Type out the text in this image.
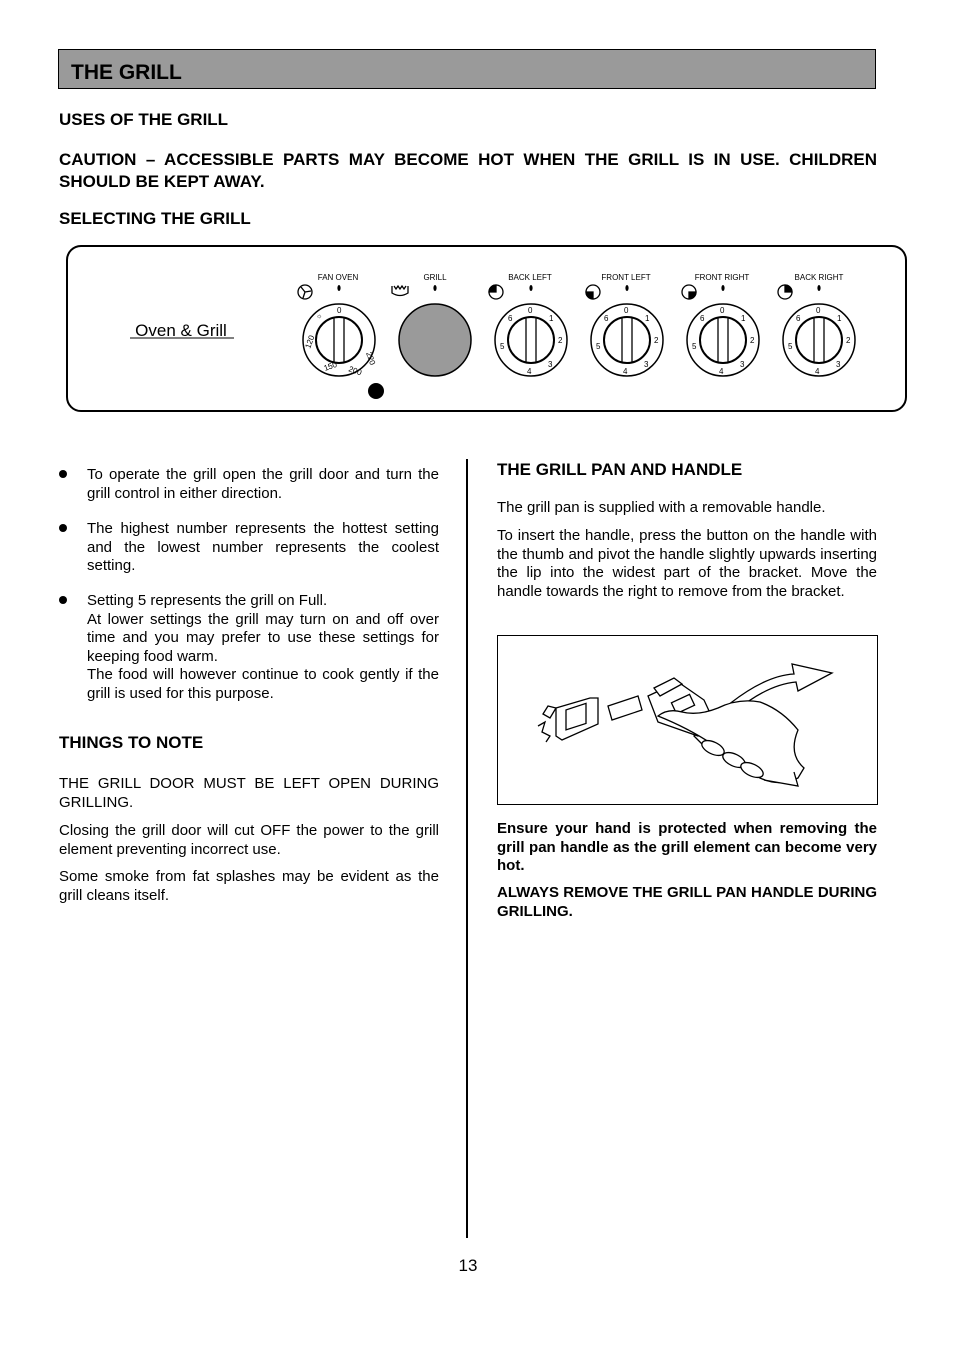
THE GRILL
USES OF THE GRILL
CAUTION – ACCESSIBLE PARTS MAY BECOME HOT WHEN THE GRILL IS IN USE. CHILDREN SHOULD BE KEPT AWAY.
SELECTING THE GRILL
Oven & Grill
FAN OVEN	GRILL	BACK LEFT	FRONT LEFT	FRONT RIGHT	BACK RIGHT
0
120
150 200
220
☼
0
1
2
3
4
5
6
0
1
2
3
4
5
6
0
1
2
3
4
5
6
0
1
2
3
4
5
6
To operate the grill open the grill door and turn the grill control in either direction.
The highest number represents the hottest setting and the lowest number represents the coolest setting.
Setting 5 represents the grill on Full.
At lower settings the grill may turn on and off over time and you may prefer to use these settings for keeping food warm.
The food will however continue to cook gently if the grill is used for this purpose.
THINGS TO NOTE
THE GRILL DOOR MUST BE LEFT OPEN DURING GRILLING.
Closing the grill door will cut OFF the power to the grill element preventing incorrect use.
Some smoke from fat splashes may be evident as the grill cleans itself.
THE GRILL PAN AND HANDLE
The grill pan is supplied with a removable handle.
To insert the handle, press the button on the handle with the thumb and pivot the handle slightly upwards inserting the lip into the widest part of the bracket. Move the handle towards the right to remove from the bracket.
Ensure your hand is protected when removing the grill pan handle as the grill element can become very hot.
ALWAYS REMOVE THE GRILL PAN HANDLE DURING GRILLING.
13
